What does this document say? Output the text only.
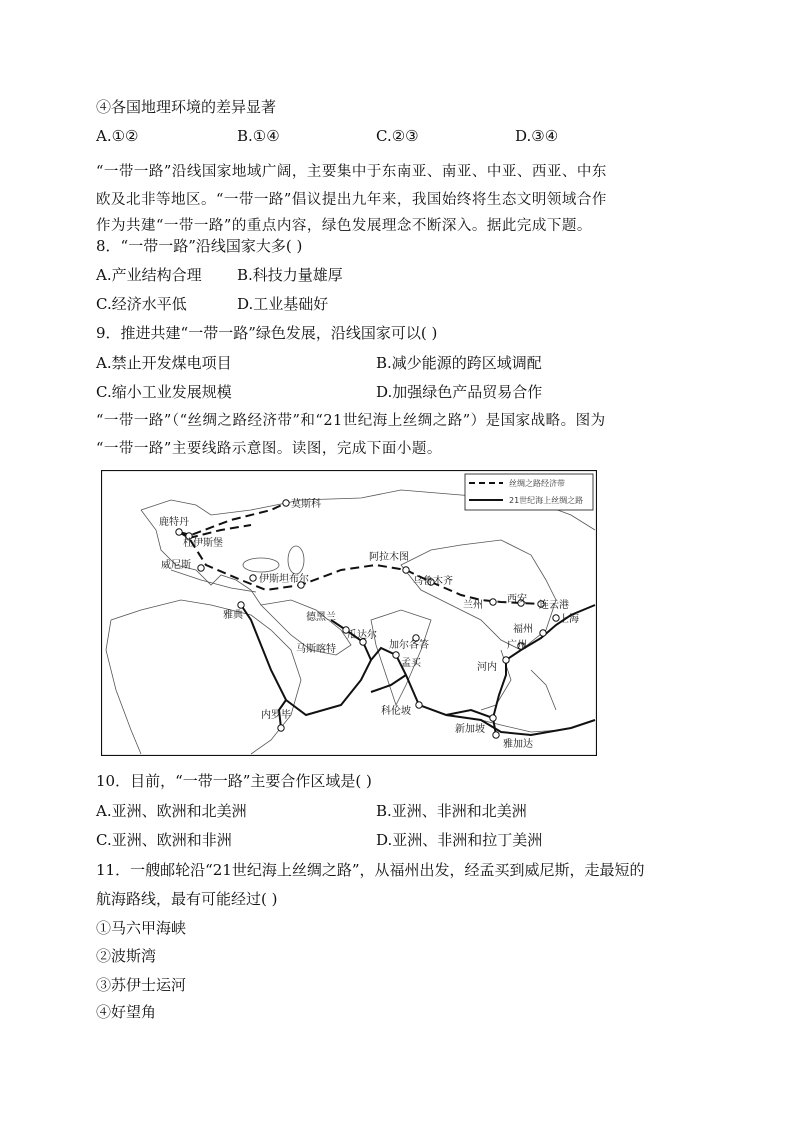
④各国地理环境的差异显著
A.①②	B.①④	C.②③	D.③④
“一带一路”沿线国家地域广阔，主要集中于东南亚、南亚、中亚、西亚、中东
欧及北非等地区。“一带一路”倡议提出九年来，我国始终将生态文明领域合作
作为共建“一带一路”的重点内容，绿色发展理念不断深入。据此完成下题。
8．“一带一路”沿线国家大多( )
A.产业结构合理 B.科技力量雄厚
C.经济水平低	D.工业基础好
9．推进共建“一带一路”绿色发展，沿线国家可以( )
A.禁止开发煤电项目	B.减少能源的跨区域调配
C.缩小工业发展规模	D.加强绿色产品贸易合作
“一带一路”（“丝绸之路经济带”和“21世纪海上丝绸之路”）是国家战略。图为
“一带一路”主要线路示意图。读图，完成下面小题。
丝绸之路经济带
21世纪海上丝绸之路
鹿特丹
杜伊斯堡
莫斯科
威尼斯
伊斯坦布尔
雅典	德黑兰
阿拉木图
乌鲁木齐
兰州
西安
连云港
上海
福州
广州
河内
瓜达尔
马斯喀特	加尔各答
孟买
科伦坡
新加坡
雅加达
内罗毕
10．目前，“一带一路”主要合作区域是( )
A.亚洲、欧洲和北美洲	B.亚洲、非洲和北美洲
C.亚洲、欧洲和非洲	D.亚洲、非洲和拉丁美洲
11．一艘邮轮沿“21世纪海上丝绸之路”，从福州出发，经孟买到威尼斯，走最短的
航海路线，最有可能经过( )
①马六甲海峡
②波斯湾
③苏伊士运河
④好望角
